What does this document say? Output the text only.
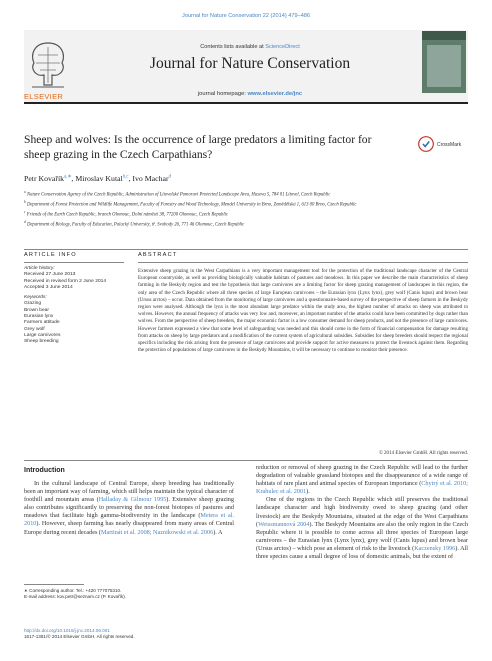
Journal for Nature Conservation 22 (2014) 479–486
ELSEVIER
Contents lists available at ScienceDirect
Journal for Nature Conservation
journal homepage: www.elsevier.de/jnc
Sheep and wolves: Is the occurrence of large predators a limiting factor for sheep grazing in the Czech Carpathians?
CrossMark
Petr Kovařík$^{a,∗}$, Miroslav Kutal$^{b,c}$, Ivo Machar$^d$
$^a$ Nature Conservation Agency of the Czech Republic, Administration of Litovelské Pomoravi Protected Landscape Area, Husova 5, 784 01 Litovel, Czech Republic
$^b$ Department of Forest Protection and Wildlife Management, Faculty of Forestry and Wood Technology, Mendel University in Brno, Zemědělská 1, 613 00 Brno, Czech Republic
$^c$ Friends of the Earth Czech Republic, branch Olomouc, Dolní náměstí 38, 77200 Olomouc, Czech Republic
$^d$ Department of Biology, Faculty of Education, Palacký University, tř. Svobody 26, 771 46 Olomouc, Czech Republic
ARTICLE INFO	ABSTRACT
Article history:
Received 27 June 2013
Received in revised form 2 June 2014
Accepted 3 June 2014
Keywords:
Grazing
Brown bear
Eurasian lynx
Farmers attitude
Grey wolf
Large carnivores
Sheep breeding
Extensive sheep grazing in the West Carpathians is a very important management tool for the protection of the traditional landscape character of the Central European countryside, as well as providing biologically valuable habitats of pastures and meadows. In this paper we describe the main characteristics of sheep farming in the Beskydy region and test the hypothesis that large carnivores are a limiting factor for sheep grazing management of landscapes in this region, the only area of the Czech Republic where all three species of large European carnivores – the Eurasian lynx (Lynx lynx), grey wolf (Canis lupus) and brown bear (Ursus arctos) – occur. Data obtained from the monitoring of large carnivores and a questionnaire-based survey of the perspective of sheep farmers in the Beskydy region were analysed. Although the lynx is the most abundant large predator within the study area, the highest number of attacks on sheep was attributed to wolves. However, the annual frequency of attacks was very low and, moreover, an important number of the attacks could have been committed by dogs rather than wolves. From the perspective of sheep breeders, the major economic factor is a low consumer demand for sheep products, and not the presence of large carnivores. However farmers expressed a view that some level of safeguarding was needed and this should come in the form of financial compensation for damage resulting from attacks on sheep by large predators and a modification of the current system of agricultural subsidies. Subsidies for sheep breeders should respect the regional specifics including the risk arising from the presence of large carnivores and provide support for active measures to protect the livestock against them. Regarding the protection of populations of large carnivores in the Beskydy Mountains, it will be necessary to continue to monitor their presence.
© 2014 Elsevier GmbH. All rights reserved.
Introduction
In the cultural landscape of Central Europe, sheep breeding has traditionally been an important way of farming, which still helps maintain the typical character of foothill and mountain areas (Halladay & Gilmour 1995). Extensive sheep grazing also contributes significantly to preserving the non-forest biotopes of pastures and meadows that facilitate high gamma-biodiversity in the landscape (Metera et al. 2010). However, sheep farming has nearly disappeared from many areas of Central Europe during recent decades (Martinát et al. 2008; Naznikowski et al. 2006). A
reduction or removal of sheep grazing in the Czech Republic will lead to the further degradation of valuable grassland biotopes and the disappearance of a wide range of habitats of rare plant and animal species of European importance (Chytrý et al. 2010; Krahulec et al. 2001).
One of the regions in the Czech Republic which still preserves the traditional landscape character and high biodiversity owed to sheep grazing (and other livestock) are the Beskydy Mountains, situated at the edge of the West Carpathians (Weissmannová 2004). The Beskydy Mountains are also the only region in the Czech Republic where it is possible to come across all three species of European large carnivores – the Eurasian lynx (Lynx lynx), grey wolf (Canis lupus) and brown bear (Ursus arctos) – which pose an element of risk to the livestock (Kaczensky 1996). All three species cause a small degree of loss of domestic animals, but the extent of
∗ Corresponding author. Tel.: +420 777075310.
E-mail address: kov.petr@seznam.cz (P. Kovařík).
http://dx.doi.org/10.1016/j.jnc.2014.06.001
1617-1381/© 2014 Elsevier GmbH. All rights reserved.
